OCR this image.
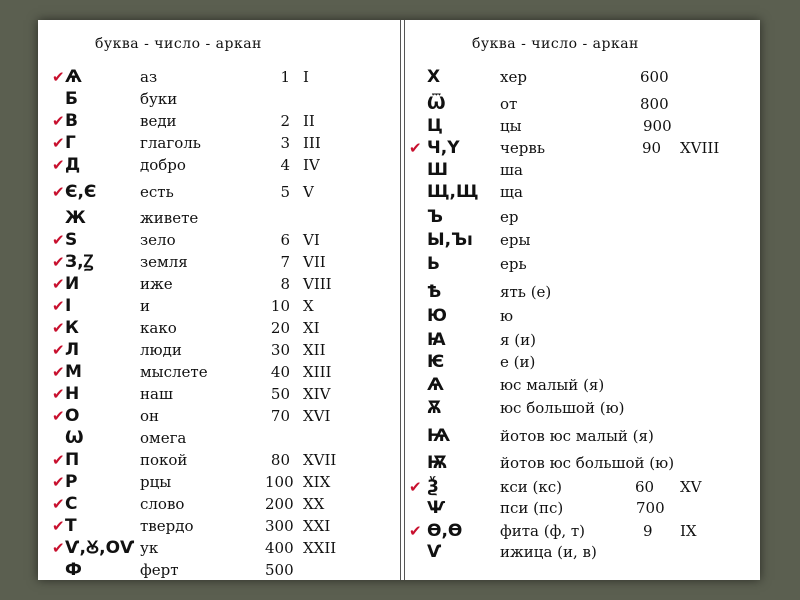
буква - число - аркан	буква - число - аркан
✔ Ѧ	аз	1 I
Б	буки
✔ В	веди	2 II
✔ Г	глаголь	3 III
✔ Д	добро	4 IV
✔ Є,Є	есть	5 V
Ж	живете
✔ Ѕ	зело	6 VI
✔ З,Ꙁ	земля	7 VII
✔ И	иже	8 VIII
✔ І	и	10 X
✔ К	како	20 XI
✔ Л	люди	30 XII
✔ М	мыслете	40 XIII
✔ Н	наш	50 XIV
✔ О	он	70 XVI
Ѡ	омега
✔ П	покой	80 XVII
✔ Р	рцы	100 XIX
✔ С	слово	200 XX
✔ Т	твердо	300 XXI
✔ Ѵ,Ꙋ,ОѴ ук	400 XXII
Ф	ферт	500
Х	хер	600
Ѿ	от	800
Ц	цы	900
✔ Ч,Ү	червь	90	XVIII
Ш	ша
Щ,Щ ща
Ъ	ер
Ы,Ъı еры
Ь	ерь
Ѣ	ять (е)
Ю	ю
Ꙗ	я (и)
Ѥ	е (и)
Ѧ	юс малый (я)
Ѫ	юс большой (ю)
Ѩ	йотов юс малый (я)
Ѭ	йотов юс большой (ю)
✔ Ѯ	кси (кс)	60	XV
Ѱ	пси (пс)	700
✔ Ѳ,Ѳ	фита (ф, т)	9	IX
Ѵ	ижица (и, в)
